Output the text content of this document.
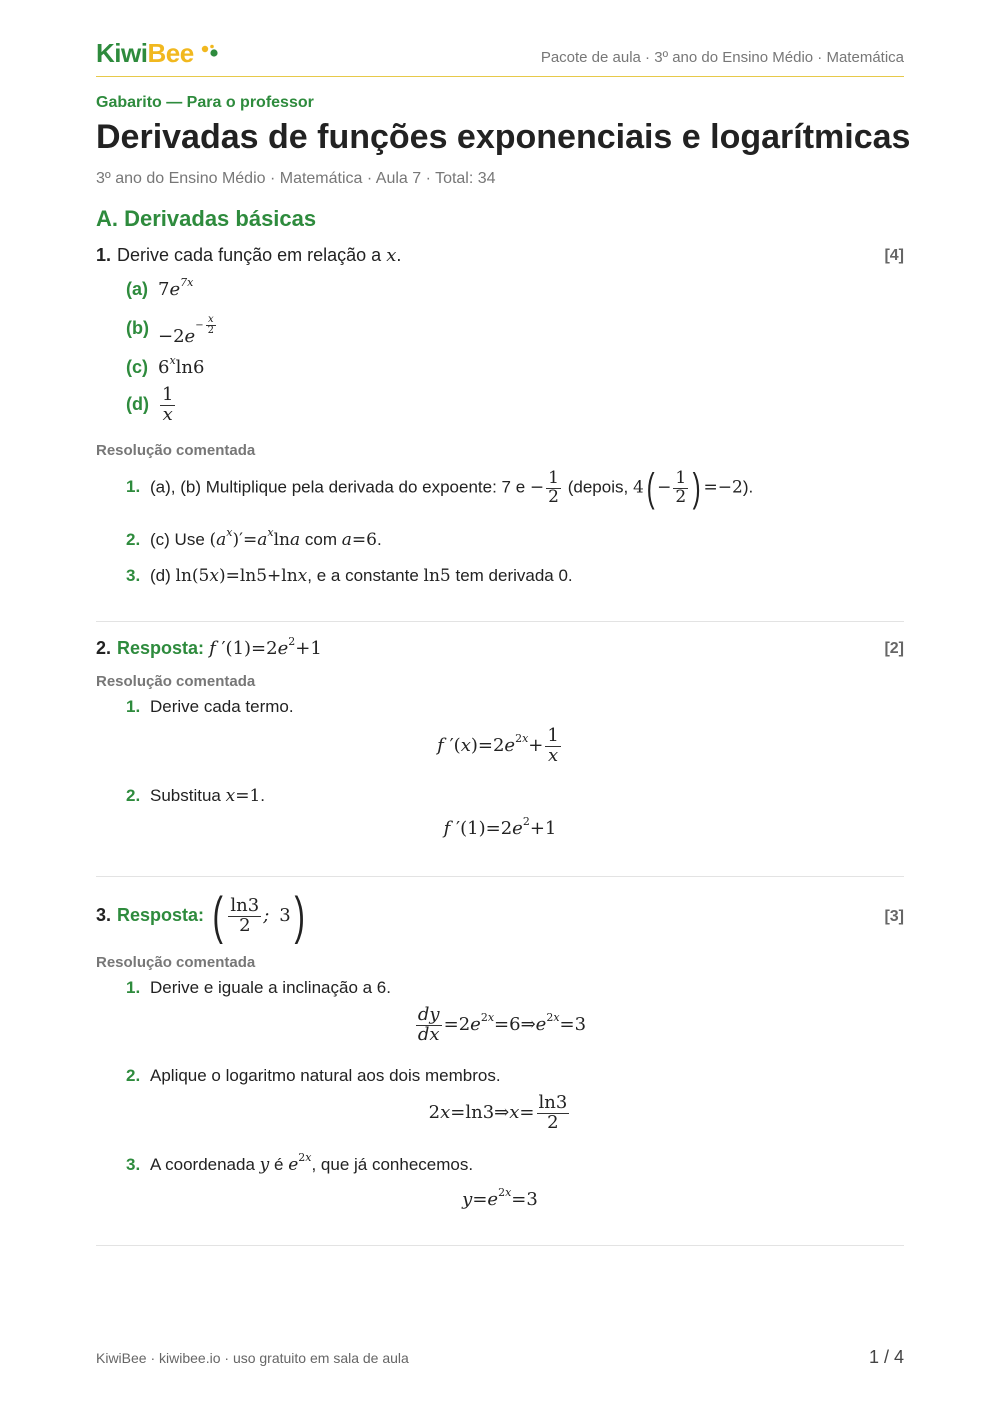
KiwiBee	Pacote de aula · 3º ano do Ensino Médio · Matemática
Gabarito — Para o professor
Derivadas de funções exponenciais e logarítmicas
3º ano do Ensino Médio · Matemática · Aula 7 · Total: 34
A. Derivadas básicas
1. Derive cada função em relação a x.	[4]
(a) $7e^{7x}$
$(b) -2e- \frac{x}{2}$
(c) 6$^x$ln6
$(d) \frac{1}{x}$
Resolução comentada
1. (a), (b) Multiplique pela derivada do expoente: 7 $e - \frac{1}{2}$ (depois, $4( - \frac{1}{2}$ ) =−2).
2. (c) Use $(a^x)'=a^x\ln a$ com a=6.
3. (d) ln(5x)=ln5+lnx, e a constante ln5 tem derivada 0.
2. Resposta: f $'(1)=2e^2+1$	[2]
Resolução comentada
1. Derive cada termo.
f $'(x)=2e^{2x}+ \frac{1}{x}$
2. Substitua x=1.
f $'(1)=2e^2+1$
3. Resposta: ( $\frac{\ln 3}{2}$ ; 3)	[3]
Resolução comentada
1. Derive e iguale a inclinação a 6.
$\frac{dy}{dx}$ $=2e^{2x}=6\Rightarrow e^{2x}=3$
2. Aplique o logaritmo natural aos dois membros.
2x=ln3⇒x= $\frac{\ln 3}{2}$
3. A coordenada y é $e^{2x}$, que já conhecemos.
$y=e^{2x}=3$
KiwiBee · kiwibee.io · uso gratuito em sala de aula	1 / 4
